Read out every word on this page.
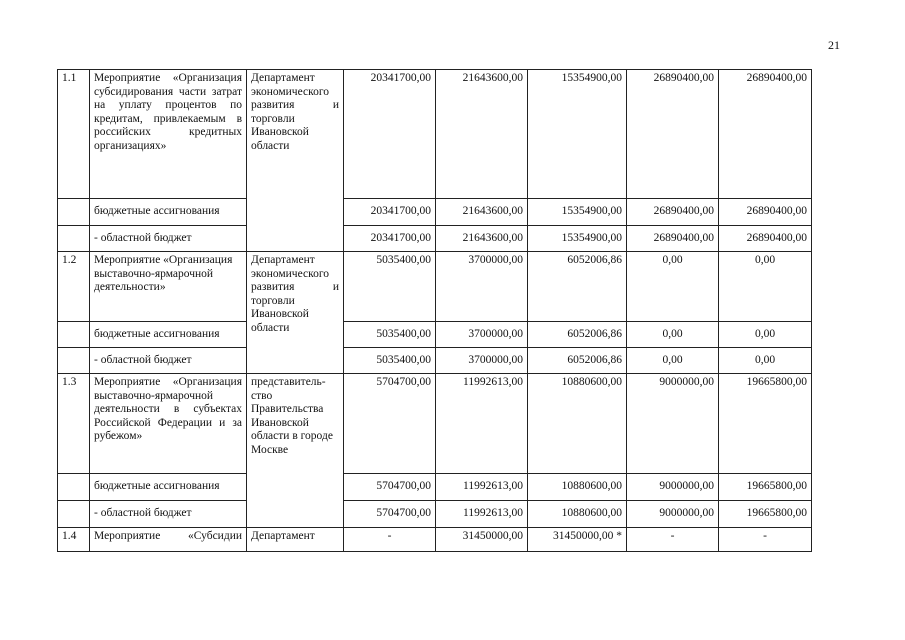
21
1.1	Мероприятие «Организация субсидирования части затрат на уплату процентов по кредитам, привлекаемым в российских кредитных организациях»	Департамент экономического развития и торговли Ивановской области	20341700,00	21643600,00	15354900,00	26890400,00	26890400,00
	бюджетные ассигнования		20341700,00	21643600,00	15354900,00	26890400,00	26890400,00
	- областной бюджет		20341700,00	21643600,00	15354900,00	26890400,00	26890400,00
1.2	Мероприятие «Организация выставочно-ярмарочной деятельности»	Департамент экономического развития и торговли Ивановской области	5035400,00	3700000,00	6052006,86	0,00	0,00
	бюджетные ассигнования		5035400,00	3700000,00	6052006,86	0,00	0,00
	- областной бюджет		5035400,00	3700000,00	6052006,86	0,00	0,00
1.3	Мероприятие «Организация выставочно-ярмарочной деятельности в субъектах Российской Федерации и за рубежом»	представитель-ство Правительства Ивановской области в городе Москве	5704700,00	11992613,00	10880600,00	9000000,00	19665800,00
	бюджетные ассигнования		5704700,00	11992613,00	10880600,00	9000000,00	19665800,00
	- областной бюджет		5704700,00	11992613,00	10880600,00	9000000,00	19665800,00
1.4	Мероприятие «Субсидии	Департамент	-	31450000,00	31450000,00 *	-	-
